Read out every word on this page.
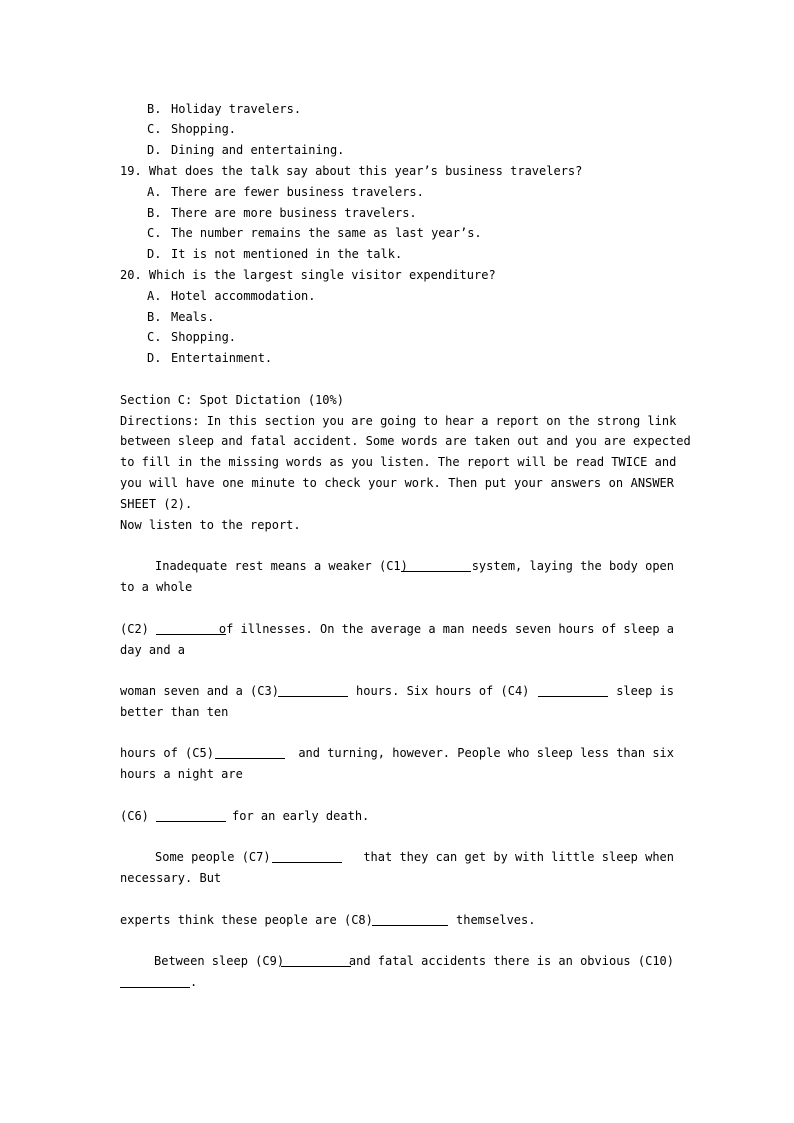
B. Holiday travelers.
C. Shopping.
D. Dining and entertaining.
19. What does the talk say about this year’s business travelers?
A. There are fewer business travelers.
B. There are more business travelers.
C. The number remains the same as last year’s.
D. It is not mentioned in the talk.
20. Which is the largest single visitor expenditure?
A. Hotel accommodation.
B. Meals.
C. Shopping.
D. Entertainment.
Section C: Spot Dictation (10%)
Directions: In this section you are going to hear a report on the strong link
between sleep and fatal accident. Some words are taken out and you are expected
to fill in the missing words as you listen. The report will be read TWICE and
you will have one minute to check your work. Then put your answers on ANSWER
SHEET (2).
Now listen to the report.
Inadequate rest means a weaker (C1)	system, laying the body open
to a whole
(C2)	of illnesses. On the average a man needs seven hours of sleep a
day and a
woman seven and a (C3)	hours. Six hours of (C4)	sleep is
better than ten
hours of (C5)	and turning, however. People who sleep less than six
hours a night are
(C6)	for an early death.
Some people (C7)	that they can get by with little sleep when
necessary. But
experts think these people are (C8)	themselves.
Between sleep (C9)	and fatal accidents there is an obvious (C10)
.
